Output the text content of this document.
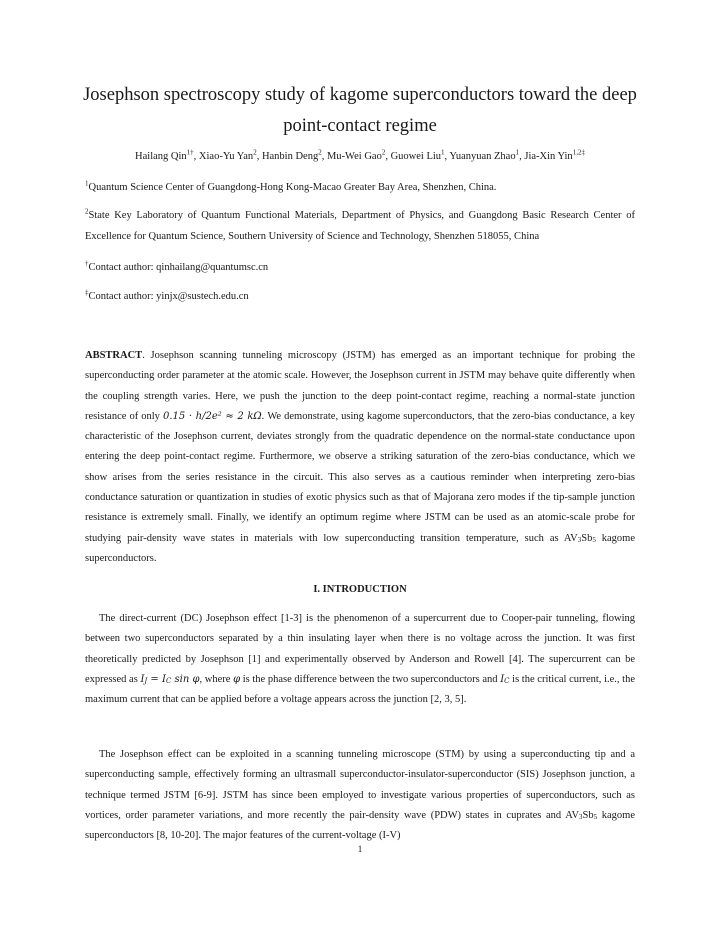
Josephson spectroscopy study of kagome superconductors toward the deep point-contact regime
Hailang Qin$^{1\dagger}$, Xiao-Yu Yan$^2$, Hanbin Deng$^2$, Mu-Wei Gao$^2$, Guowei Liu$^1$, Yuanyuan Zhao$^1$, Jia-Xin Yin$^{1,2\ddagger}$
$^1$Quantum Science Center of Guangdong-Hong Kong-Macao Greater Bay Area, Shenzhen, China.
$^2$State Key Laboratory of Quantum Functional Materials, Department of Physics, and Guangdong Basic Research Center of Excellence for Quantum Science, Southern University of Science and Technology, Shenzhen 518055, China
†Contact author: qinhailang@quantumsc.cn
‡Contact author: yinjx@sustech.edu.cn

ABSTRACT. Josephson scanning tunneling microscopy (JSTM) has emerged as an important technique for probing the superconducting order parameter at the atomic scale. However, the Josephson current in JSTM may behave quite differently when the coupling strength varies. Here, we push the junction to the deep point-contact regime, reaching a normal-state junction resistance of only 0.15 · h/2e² ≈ 2 kΩ. We demonstrate, using kagome superconductors, that the zero-bias conductance, a key characteristic of the Josephson current, deviates strongly from the quadratic dependence on the normal-state conductance upon entering the deep point-contact regime. Furthermore, we observe a striking saturation of the zero-bias conductance, which we show arises from the series resistance in the circuit. This also serves as a cautious reminder when interpreting zero-bias conductance saturation or quantization in studies of exotic physics such as that of Majorana zero modes if the tip-sample junction resistance is extremely small. Finally, we identify an optimum regime where JSTM can be used as an atomic-scale probe for studying pair-density wave states in materials with low superconducting transition temperature, such as $AV_3Sb_5$ kagome superconductors.

I. INTRODUCTION

The direct-current (DC) Josephson effect [1-3] is the phenomenon of a supercurrent due to Cooper-pair tunneling, flowing between two superconductors separated by a thin insulating layer when there is no voltage across the junction. It was first theoretically predicted by Josephson [1] and experimentally observed by Anderson and Rowell [4]. The supercurrent can be expressed as $I_J = I_C$ sin φ, where φ is the phase difference between the two superconductors and $I_C$ is the critical current, i.e., the maximum current that can be applied before a voltage appears across the junction [2, 3, 5].

The Josephson effect can be exploited in a scanning tunneling microscope (STM) by using a superconducting tip and a superconducting sample, effectively forming an ultrasmall superconductor-insulator-superconductor (SIS) Josephson junction, a technique termed JSTM [6-9]. JSTM has since been employed to investigate various properties of superconductors, such as vortices, order parameter variations, and more recently the pair-density wave (PDW) states in cuprates and $AV_3Sb_5$ kagome superconductors [8, 10-20]. The major features of the current-voltage (I-V)

1
